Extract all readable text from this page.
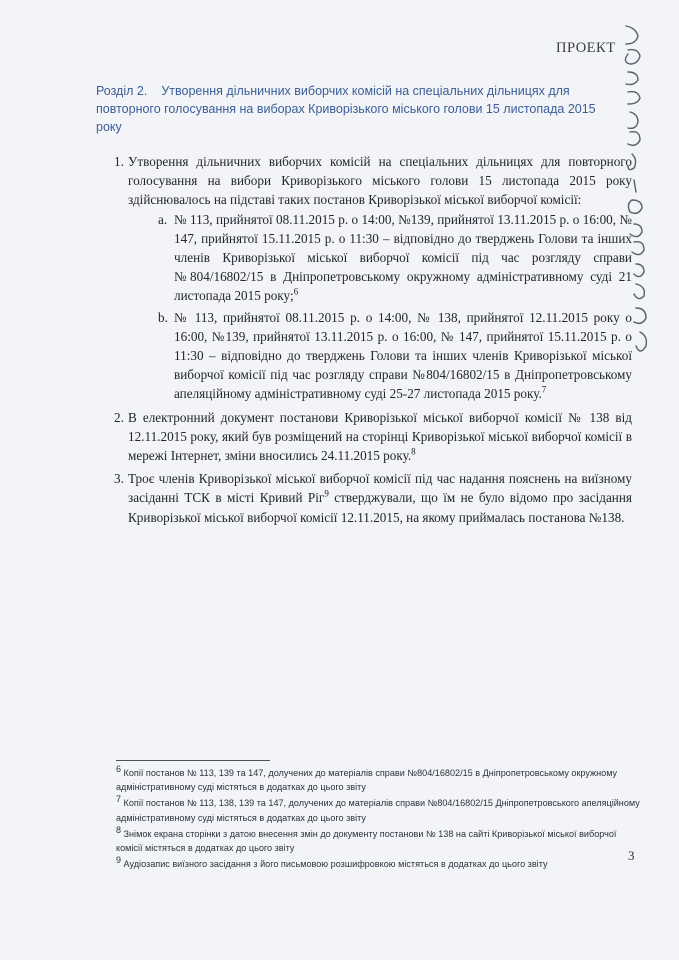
ПРОЕКТ
Розділ 2. Утворення дільничних виборчих комісій на спеціальних дільницях для повторного голосування на виборах Криворізького міського голови 15 листопада 2015 року
1. Утворення дільничних виборчих комісій на спеціальних дільницях для повторного голосування на вибори Криворізького міського голови 15 листопада 2015 року здійснювалось на підставі таких постанов Криворізької міської виборчої комісії:
a. № 113, прийнятої 08.11.2015 р. о 14:00, №139, прийнятої 13.11.2015 р. о 16:00, № 147, прийнятої 15.11.2015 р. о 11:30 – відповідно до тверджень Голови та інших членів Криворізької міської виборчої комісії під час розгляду справи №804/16802/15 в Дніпропетровському окружному адміністративному суді 21 листопада 2015 року;$^6$
b. № 113, прийнятої 08.11.2015 р. о 14:00, № 138, прийнятої 12.11.2015 року о 16:00, №139, прийнятої 13.11.2015 р. о 16:00, № 147, прийнятої 15.11.2015 р. о 11:30 – відповідно до тверджень Голови та інших членів Криворізької міської виборчої комісії під час розгляду справи №804/16802/15 в Дніпропетровському апеляційному адміністративному суді 25-27 листопада 2015 року.$^7$
2. В електронний документ постанови Криворізької міської виборчої комісії № 138 від 12.11.2015 року, який був розміщений на сторінці Криворізької міської виборчої комісії в мережі Інтернет, зміни вносились 24.11.2015 року.$^8$
3. Троє членів Криворізької міської виборчої комісії під час надання пояснень на виїзному засіданні ТСК в місті Кривий Ріг$^9$ стверджували, що їм не було відомо про засідання Криворізької міської виборчої комісії 12.11.2015, на якому приймалась постанова №138.

$^6$ Копії постанов № 113, 139 та 147, долучених до матеріалів справи №804/16802/15 в Дніпропетровському окружному адміністративному суді містяться в додатках до цього звіту

$^7$ Копії постанов № 113, 138, 139 та 147, долучених до матеріалів справи №804/16802/15 Дніпропетровського апеляційному адміністративному суді містяться в додатках до цього звіту

$^8$ Знімок екрана сторінки з датою внесення змін до документу постанови № 138 на сайті Криворізької міської виборчої комісії містяться в додатках до цього звіту

$^9$ Аудіозапис виїзного засідання з його письмовою розшифровкою містяться в додатках до цього звіту

3
